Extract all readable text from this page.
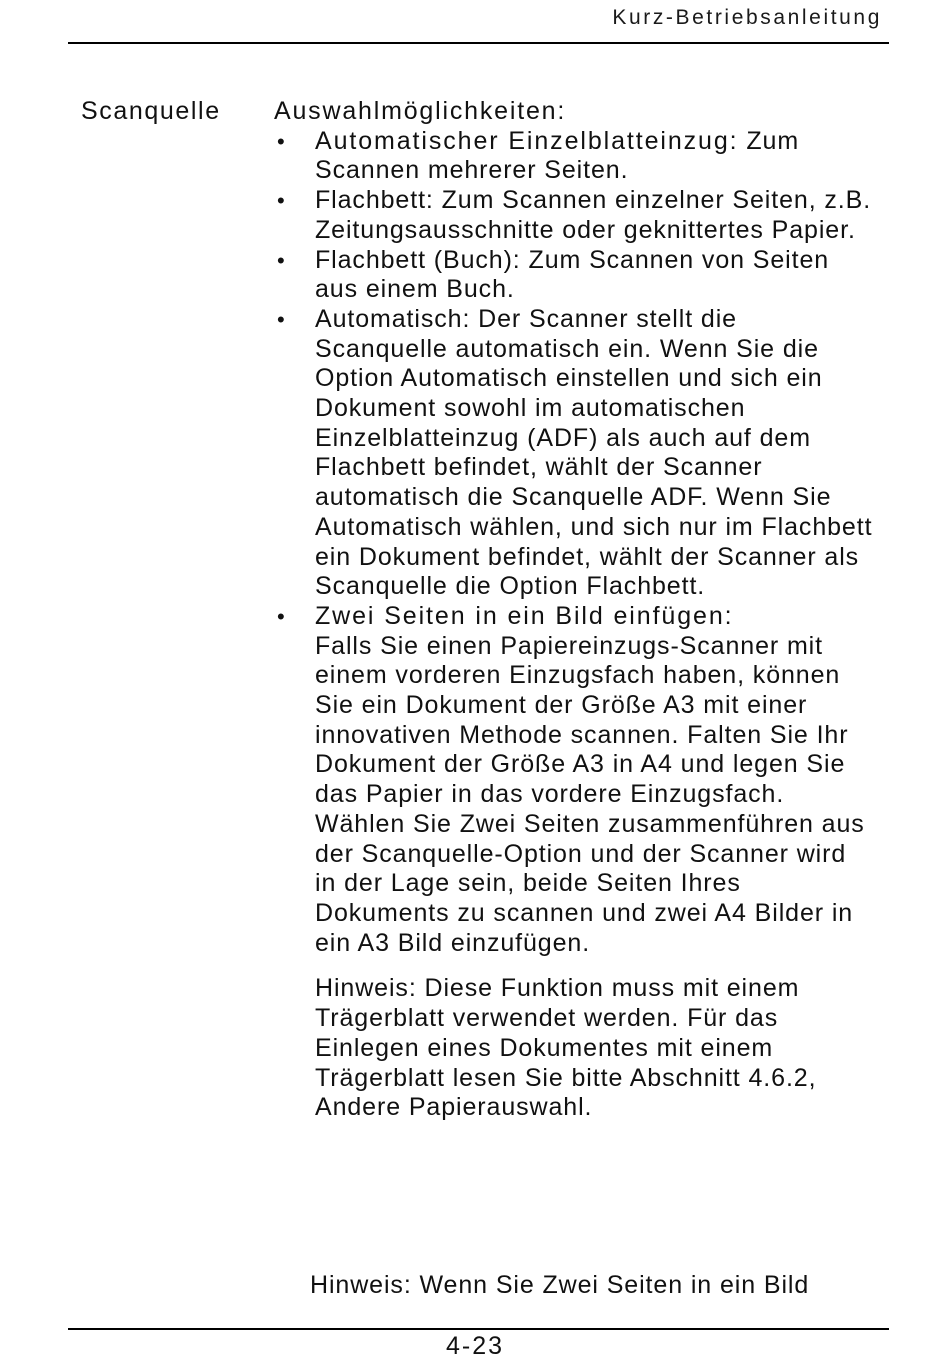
Kurz-Betriebsanleitung
Scanquelle Auswahlmöglichkeiten:
• Automatischer Einzelblatteinzug: Zum Scannen mehrerer Seiten.
• Flachbett: Zum Scannen einzelner Seiten, z.B. Zeitungsausschnitte oder geknittertes Papier.
• Flachbett (Buch): Zum Scannen von Seiten aus einem Buch.
• Automatisch: Der Scanner stellt die Scanquelle automatisch ein. Wenn Sie die Option Automatisch einstellen und sich ein Dokument sowohl im automatischen Einzelblatteinzug (ADF) als auch auf dem Flachbett befindet, wählt der Scanner automatisch die Scanquelle ADF. Wenn Sie Automatisch wählen, und sich nur im Flachbett ein Dokument befindet, wählt der Scanner als Scanquelle die Option Flachbett.
• Zwei Seiten in ein Bild einfügen:
Falls Sie einen Papiereinzugs-Scanner mit einem vorderen Einzugsfach haben, können Sie ein Dokument der Größe A3 mit einer innovativen Methode scannen. Falten Sie Ihr Dokument der Größe A3 in A4 und legen Sie das Papier in das vordere Einzugsfach. Wählen Sie Zwei Seiten zusammenführen aus der Scanquelle-Option und der Scanner wird in der Lage sein, beide Seiten Ihres Dokuments zu scannen und zwei A4 Bilder in ein A3 Bild einzufügen.
Hinweis: Diese Funktion muss mit einem Trägerblatt verwendet werden. Für das Einlegen eines Dokumentes mit einem Trägerblatt lesen Sie bitte Abschnitt 4.6.2, Andere Papierauswahl.
Hinweis: Wenn Sie Zwei Seiten in ein Bild
4-23
